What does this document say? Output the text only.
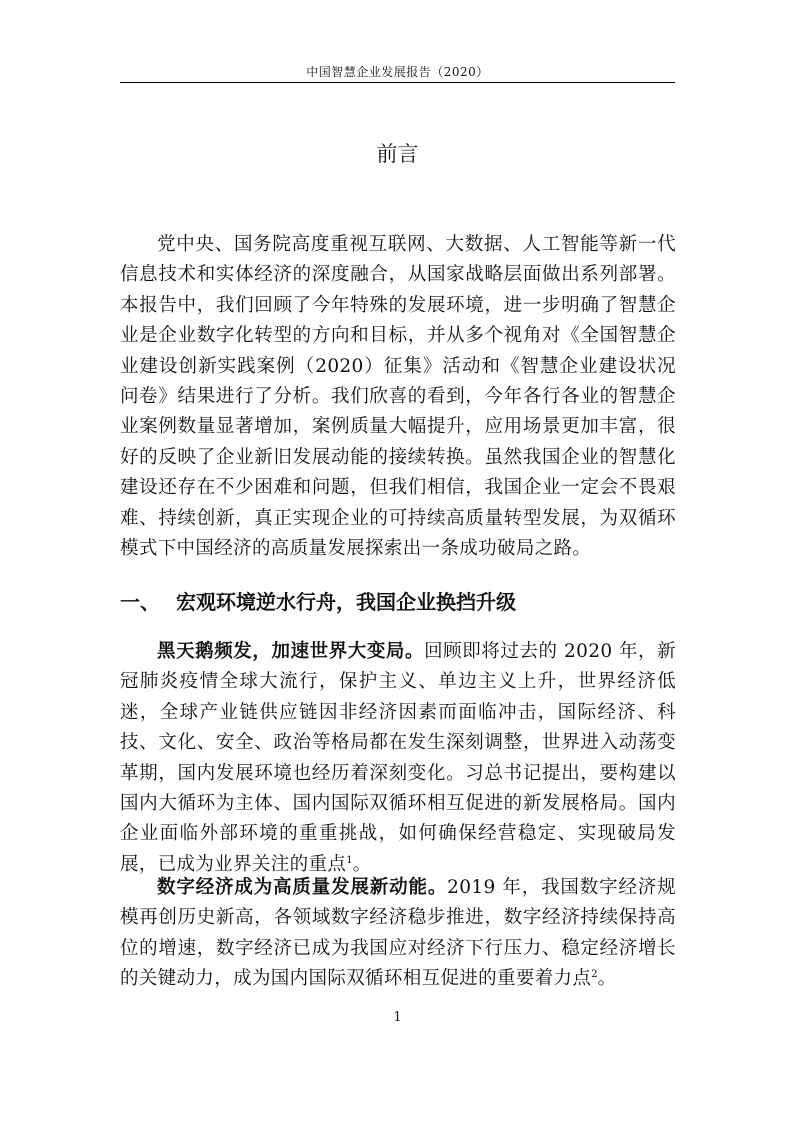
中国智慧企业发展报告（2020）
前言

党中央、国务院高度重视互联网、大数据、人工智能等新一代信息技术和实体经济的深度融合，从国家战略层面做出系列部署。本报告中，我们回顾了今年特殊的发展环境，进一步明确了智慧企业是企业数字化转型的方向和目标，并从多个视角对《全国智慧企业建设创新实践案例（2020）征集》活动和《智慧企业建设状况问卷》结果进行了分析。我们欣喜的看到，今年各行各业的智慧企业案例数量显著增加，案例质量大幅提升，应用场景更加丰富，很好的反映了企业新旧发展动能的接续转换。虽然我国企业的智慧化建设还存在不少困难和问题，但我们相信，我国企业一定会不畏艰难、持续创新，真正实现企业的可持续高质量转型发展，为双循环模式下中国经济的高质量发展探索出一条成功破局之路。

一、 宏观环境逆水行舟，我国企业换挡升级

黑天鹅频发，加速世界大变局。回顾即将过去的 2020 年，新冠肺炎疫情全球大流行，保护主义、单边主义上升，世界经济低迷，全球产业链供应链因非经济因素而面临冲击，国际经济、科技、文化、安全、政治等格局都在发生深刻调整，世界进入动荡变革期，国内发展环境也经历着深刻变化。习总书记提出，要构建以国内大循环为主体、国内国际双循环相互促进的新发展格局。国内企业面临外部环境的重重挑战，如何确保经营稳定、实现破局发展，已成为业界关注的重点$^1$。

数字经济成为高质量发展新动能。2019 年，我国数字经济规模再创历史新高，各领域数字经济稳步推进，数字经济持续保持高位的增速，数字经济已成为我国应对经济下行压力、稳定经济增长的关键动力，成为国内国际双循环相互促进的重要着力点$^2$。

1
